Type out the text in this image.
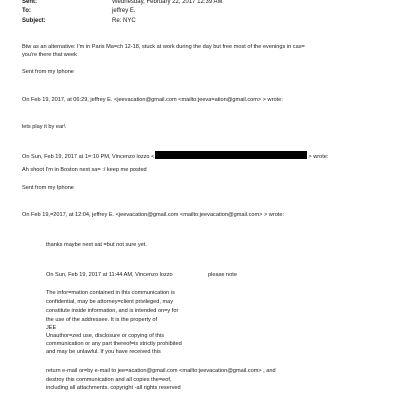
Sent:	Wednesday, February 22, 2017 12:39 AM
To:	jeffrey E.
Subject:	Re: NYC
Btw as an alternative: I'm in Paris Ma=ch 12-18, stuck at work during the day but free most of the evenings in cas=
you're there that week
Sent from my Iphone
On Feb 19, 2017, at 06:29, jeffrey E. <jeevacation@gmail.com <mailto:jeeva=ation@gmail.com> > wrote:
lets play it by ear\
On Sun, Feb 19, 2017 at 1=:10 PM, Vincenzo lozzo <	> wrote:
Ah shoot I'm in Boston next sa= :/ keep me posted
Sent from my Iphone
On Feb 19,=2017, at 12:04, jeffrey E. <jeevacation@gmail.com <mailto:jeevacation@gmail.com> > wrote:
thanks maybe next sat =but not sure yet.
On Sun, Feb 19, 2017 at 11:44 AM, Vincenzo lozzo	please note
The infor=mation contained in this communication is
confidential, may be attorney=client privileged, may
constitute inside information, and is intended on=y for
the use of the addressee. It is the property of
JEE
Unauthor=zed use, disclosure or copying of this
communication or any part thereof=is strictly prohibited
and may be unlawful. If you have received this
return e-mail or=by e-mail to jee=acation@gmail.com <mailto:jeevacation@gmail.com> , and
destroy this communication and all copies the=eof,
including all attachments. copyright -all rights reserved
